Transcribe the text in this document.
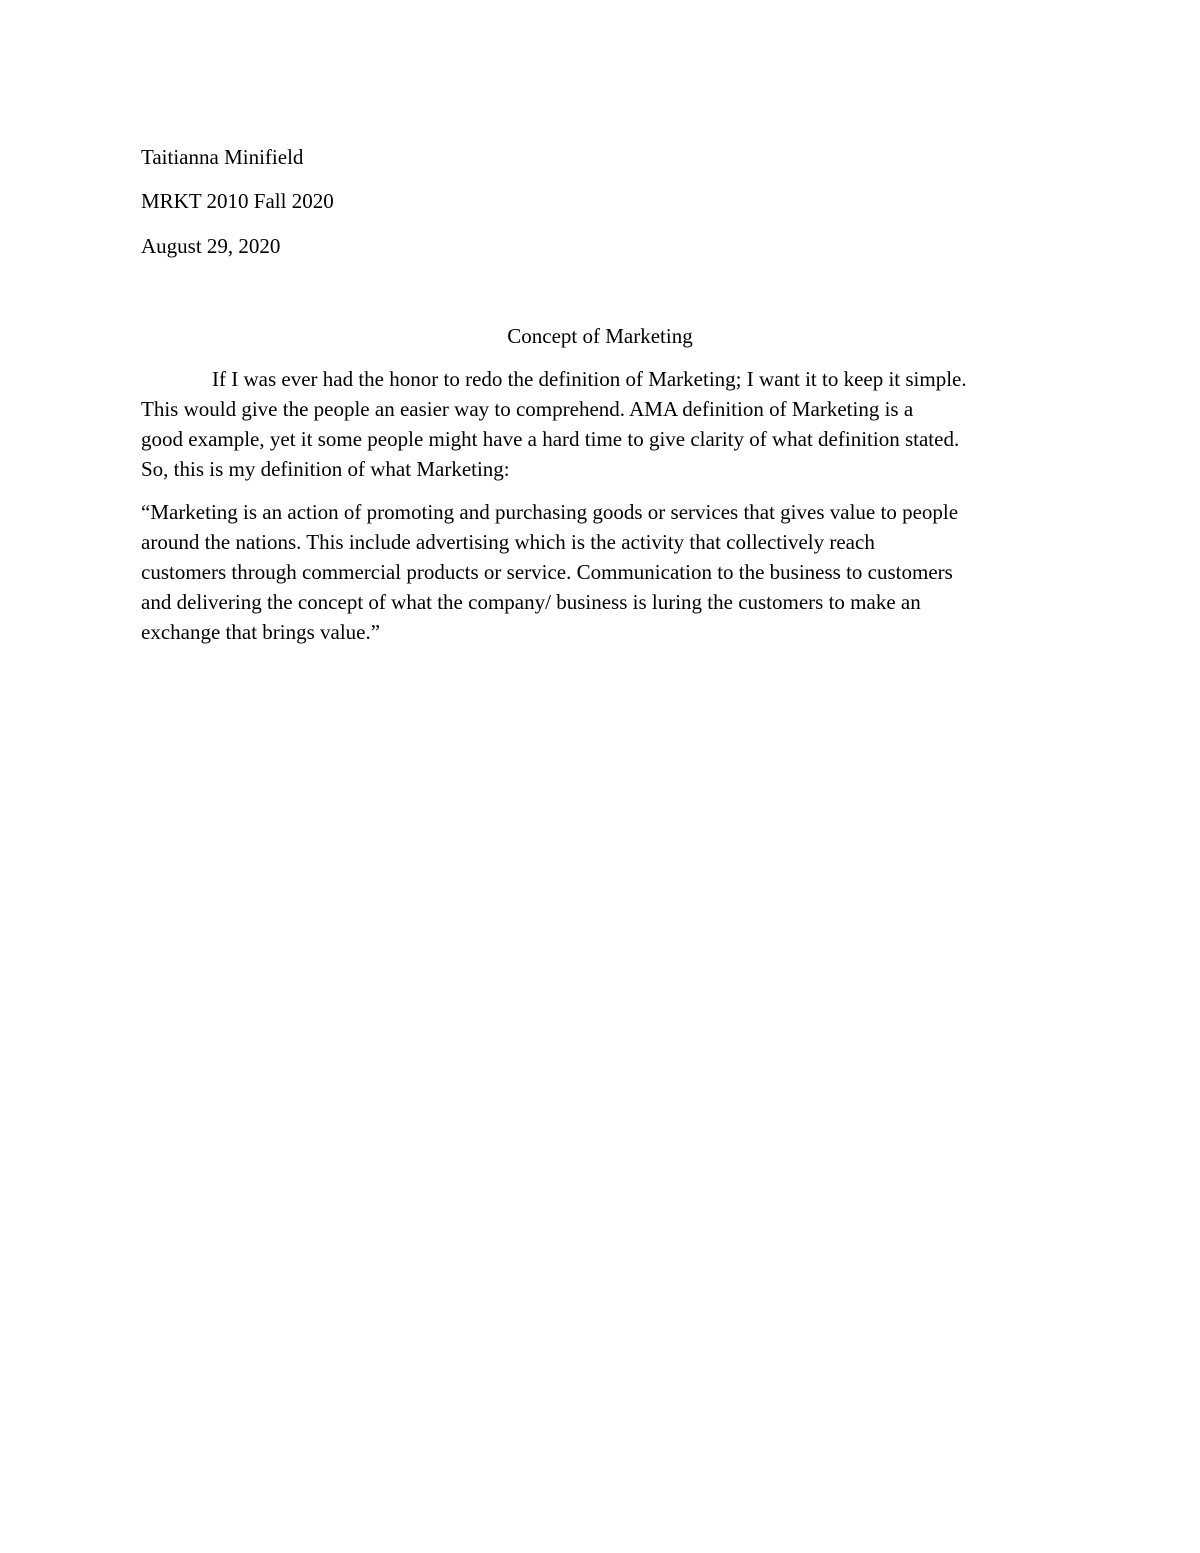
Taitianna Minifield

MRKT 2010 Fall 2020

August 29, 2020

Concept of Marketing

If I was ever had the honor to redo the definition of Marketing; I want it to keep it simple.

This would give the people an easier way to comprehend. AMA definition of Marketing is a

good example, yet it some people might have a hard time to give clarity of what definition stated.

So, this is my definition of what Marketing:

“Marketing is an action of promoting and purchasing goods or services that gives value to people

around the nations. This include advertising which is the activity that collectively reach

customers through commercial products or service. Communication to the business to customers

and delivering the concept of what the company/ business is luring the customers to make an

exchange that brings value.”
